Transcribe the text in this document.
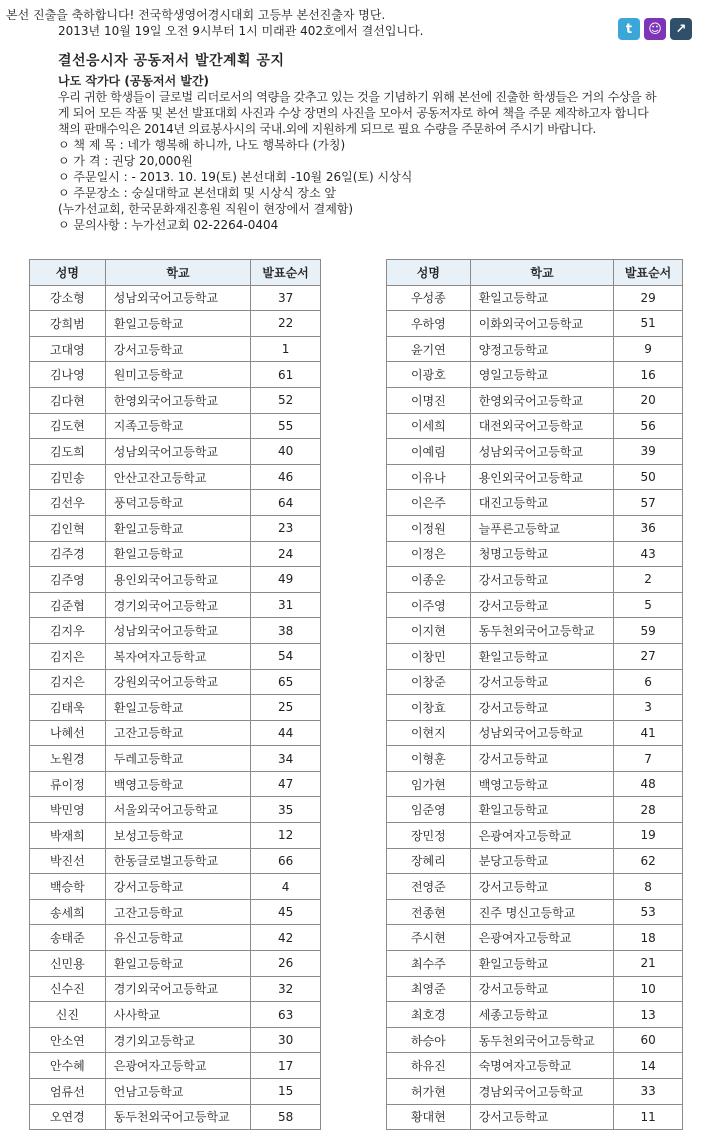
본선 진출을 축하합니다! 전국학생영어경시대회 고등부 본선진출자 명단.
2013년 10월 19일 오전 9시부터 1시 미래관 402호에서 결선입니다.	t	☺	↗
결선응시자 공동저서 발간계획 공지
나도 작가다 (공동저서 발간)

우리 귀한 학생들이 글로벌 리더로서의 역량을 갖추고 있는 것을 기념하기 위해 본선에 진출한 학생들은 거의 수상을 하

게 되어 모든 작품 및 본선 발표대회 사진과 수상 장면의 사진을 모아서 공동저자로 하여 책을 주문 제작하고자 합니다

책의 판매수익은 2014년 의료봉사시의 국내.외에 지원하게 되므로 필요 수량을 주문하여 주시기 바랍니다.

ㅇ 책 제 목 : 네가 행복해 하니까, 나도 행복하다 (가칭)
ㅇ 가 격 : 권당 20,000원
ㅇ 주문일시 : - 2013. 10. 19(토) 본선대회 -10월 26일(토) 시상식
ㅇ 주문장소 : 숭실대학교 본선대회 및 시상식 장소 앞
(누가선교회, 한국문화재진흥원 직원이 현장에서 결제함)
ㅇ 문의사항 : 누가선교회 02-2264-0404
성명	학교	발표순서
강소형	성남외국어고등학교	37
강희범	환일고등학교	22
고대영	강서고등학교	1
김나영	원미고등학교	61
김다현	한영외국어고등학교	52
김도현	지족고등학교	55
김도희	성남외국어고등학교	40
김민송	안산고잔고등학교	46
김선우	풍덕고등학교	64
김인혁	환일고등학교	23
김주경	환일고등학교	24
김주영	용인외국어고등학교	49
김준협	경기외국어고등학교	31
김지우	성남외국어고등학교	38
김지은	복자여자고등학교	54
김지은	강원외국어고등학교	65
김태욱	환일고등학교	25
나혜선	고잔고등학교	44
노원경	두레고등학교	34
류이정	백영고등학교	47
박민영	서울외국어고등학교	35
박재희	보성고등학교	12
박진선	한동글로벌고등학교	66
백승학	강서고등학교	4
송세희	고잔고등학교	45
송태준	유신고등학교	42
신민용	환일고등학교	26
신수진	경기외국어고등학교	32
신진	사사학교	63
안소연	경기외고등학교	30
안수혜	은광여자고등학교	17
엄류선	언남고등학교	15
오연경	동두천외국어고등학교	58
성명	학교	발표순서
우성종	환일고등학교	29
우하영	이화외국어고등학교	51
윤기연	양정고등학교	9
이광호	영일고등학교	16
이명진	한영외국어고등학교	20
이세희	대전외국어고등학교	56
이예림	성남외국어고등학교	39
이유나	용인외국어고등학교	50
이은주	대진고등학교	57
이정원	늘푸른고등학교	36
이정은	청명고등학교	43
이종운	강서고등학교	2
이주영	강서고등학교	5
이지현	동두천외국어고등학교	59
이창민	환일고등학교	27
이창준	강서고등학교	6
이창효	강서고등학교	3
이현지	성남외국어고등학교	41
이형훈	강서고등학교	7
임가현	백영고등학교	48
임준영	환일고등학교	28
장민정	은광여자고등학교	19
장혜리	분당고등학교	62
전영준	강서고등학교	8
전종현	진주 명신고등학교	53
주시현	은광여자고등학교	18
최수주	환일고등학교	21
최영준	강서고등학교	10
최호경	세종고등학교	13
하승아	동두천외국어고등학교	60
하유진	숙명여자고등학교	14
허가현	경남외국어고등학교	33
황대현	강서고등학교	11
